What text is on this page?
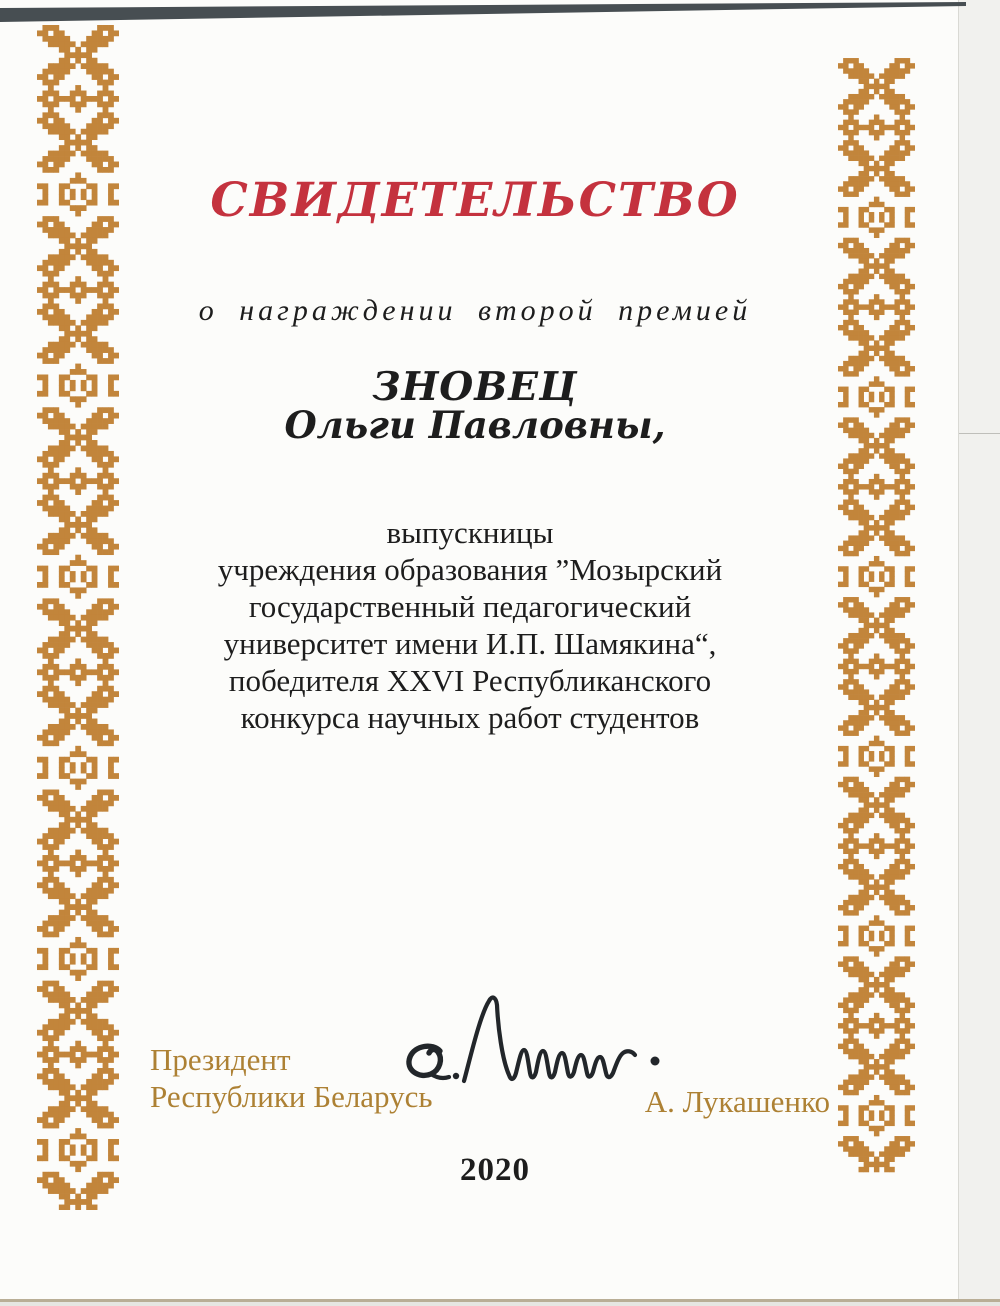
СВИДЕТЕЛЬСТВО

о награждении второй премией

ЗНОВЕЦ
Ольги Павловны,
выпускницы
учреждения образования ”Мозырский
государственный педагогический
университет имени И.П. Шамякина“,
победителя XXVI Республиканского
конкурса научных работ студентов
Президент
Республики Беларусь	А. Лукашенко
2020
